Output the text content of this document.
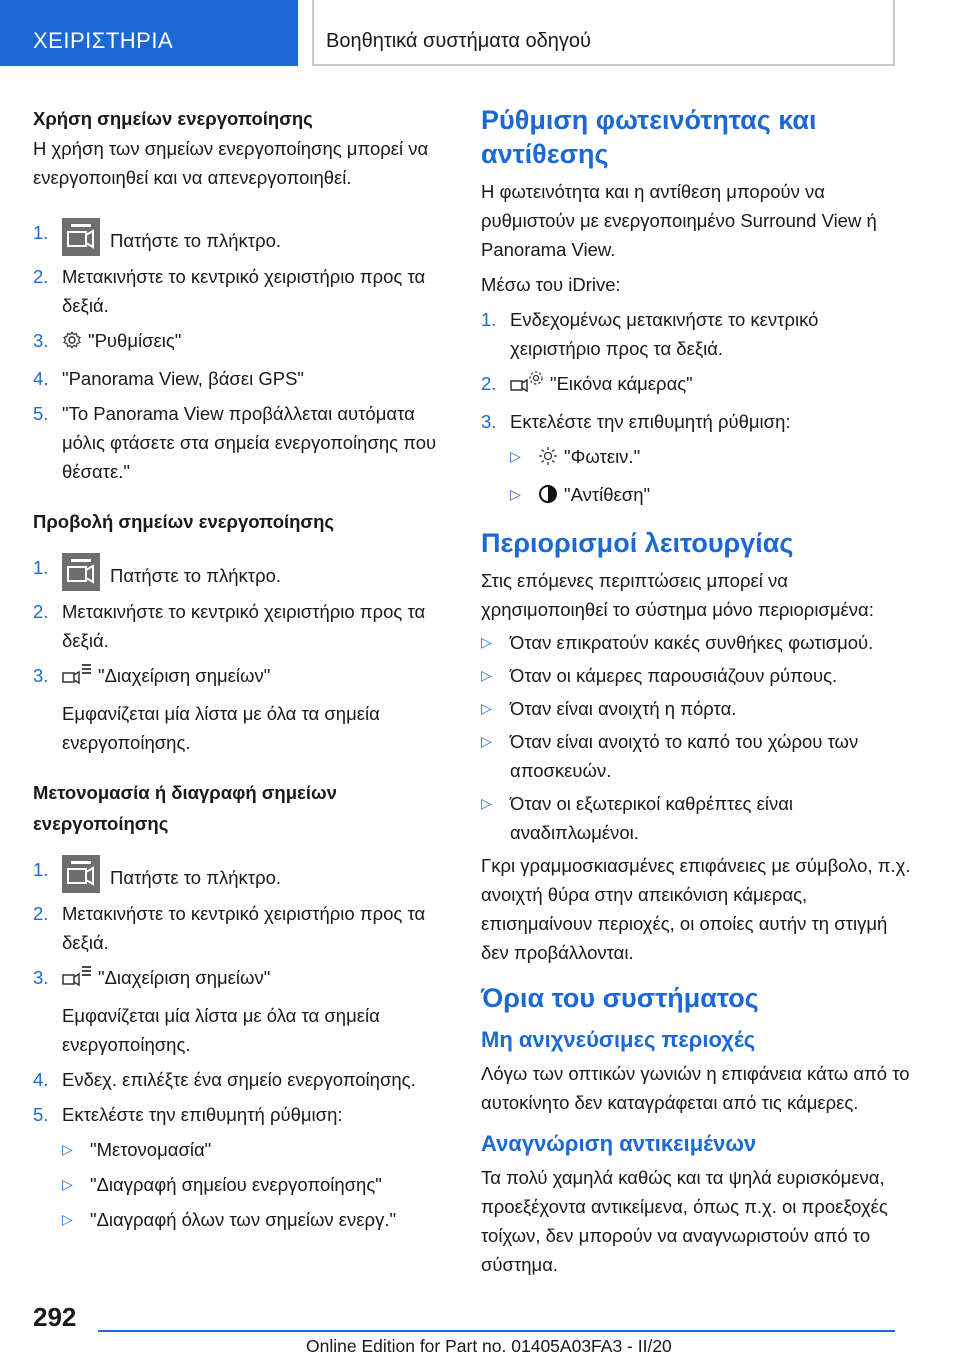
ΧΕΙΡΙΣΤΗΡΙΑ	Βοηθητικά συστήματα οδηγού

Χρήση σημείων ενεργοποίησης

Η χρήση των σημείων ενεργοποίησης μπορεί να ενεργοποιηθεί και να απενεργοποιηθεί.

1.	Πατήστε το πλήκτρο.
2. Μετακινήστε το κεντρικό χειριστήριο προς τα δεξιά.
3. "Ρυθμίσεις"
4. "Panorama View, βάσει GPS"
5. "Το Panorama View προβάλλεται αυτόματα μόλις φτάσετε στα σημεία ενεργοποίησης που θέσατε."

Προβολή σημείων ενεργοποίησης

1.	Πατήστε το πλήκτρο.
2. Μετακινήστε το κεντρικό χειριστήριο προς τα δεξιά.
3.	"Διαχείριση σημείων"

Εμφανίζεται μία λίστα με όλα τα σημεία ενεργοποίησης.

Μετονομασία ή διαγραφή σημείων ενεργοποίησης

1.	Πατήστε το πλήκτρο.
2. Μετακινήστε το κεντρικό χειριστήριο προς τα δεξιά.
3.	"Διαχείριση σημείων"

Εμφανίζεται μία λίστα με όλα τα σημεία ενεργοποίησης.

4. Ενδεχ. επιλέξτε ένα σημείο ενεργοποίησης.
5. Εκτελέστε την επιθυμητή ρύθμιση:
▷ "Μετονομασία"
▷ "Διαγραφή σημείου ενεργοποίησης"
▷ "Διαγραφή όλων των σημείων ενεργ."

Ρύθμιση φωτεινότητας και αντίθεσης

Η φωτεινότητα και η αντίθεση μπορούν να ρυθμιστούν με ενεργοποιημένο Surround View ή Panorama View.

Μέσω του iDrive:

1. Ενδεχομένως μετακινήστε το κεντρικό χειριστήριο προς τα δεξιά.
2.	"Εικόνα κάμερας"
3. Εκτελέστε την επιθυμητή ρύθμιση:
▷ "Φωτειν."
▷ "Αντίθεση"

Περιορισμοί λειτουργίας

Στις επόμενες περιπτώσεις μπορεί να χρησιμοποιηθεί το σύστημα μόνο περιορισμένα:

▷ Όταν επικρατούν κακές συνθήκες φωτισμού.
▷ Όταν οι κάμερες παρουσιάζουν ρύπους.
▷ Όταν είναι ανοιχτή η πόρτα.
▷ Όταν είναι ανοιχτό το καπό του χώρου των αποσκευών.
▷ Όταν οι εξωτερικοί καθρέπτες είναι αναδιπλωμένοι.

Γκρι γραμμοσκιασμένες επιφάνειες με σύμβολο, π.χ. ανοιχτή θύρα στην απεικόνιση κάμερας, επισημαίνουν περιοχές, οι οποίες αυτήν τη στιγμή δεν προβάλλονται.

Όρια του συστήματος

Μη ανιχνεύσιμες περιοχές

Λόγω των οπτικών γωνιών η επιφάνεια κάτω από το αυτοκίνητο δεν καταγράφεται από τις κάμερες.

Αναγνώριση αντικειμένων

Τα πολύ χαμηλά καθώς και τα ψηλά ευρισκόμενα, προεξέχοντα αντικείμενα, όπως π.χ. οι προεξοχές τοίχων, δεν μπορούν να αναγνωριστούν από το σύστημα.

292
Online Edition for Part no. 01405A03FA3 - II/20
